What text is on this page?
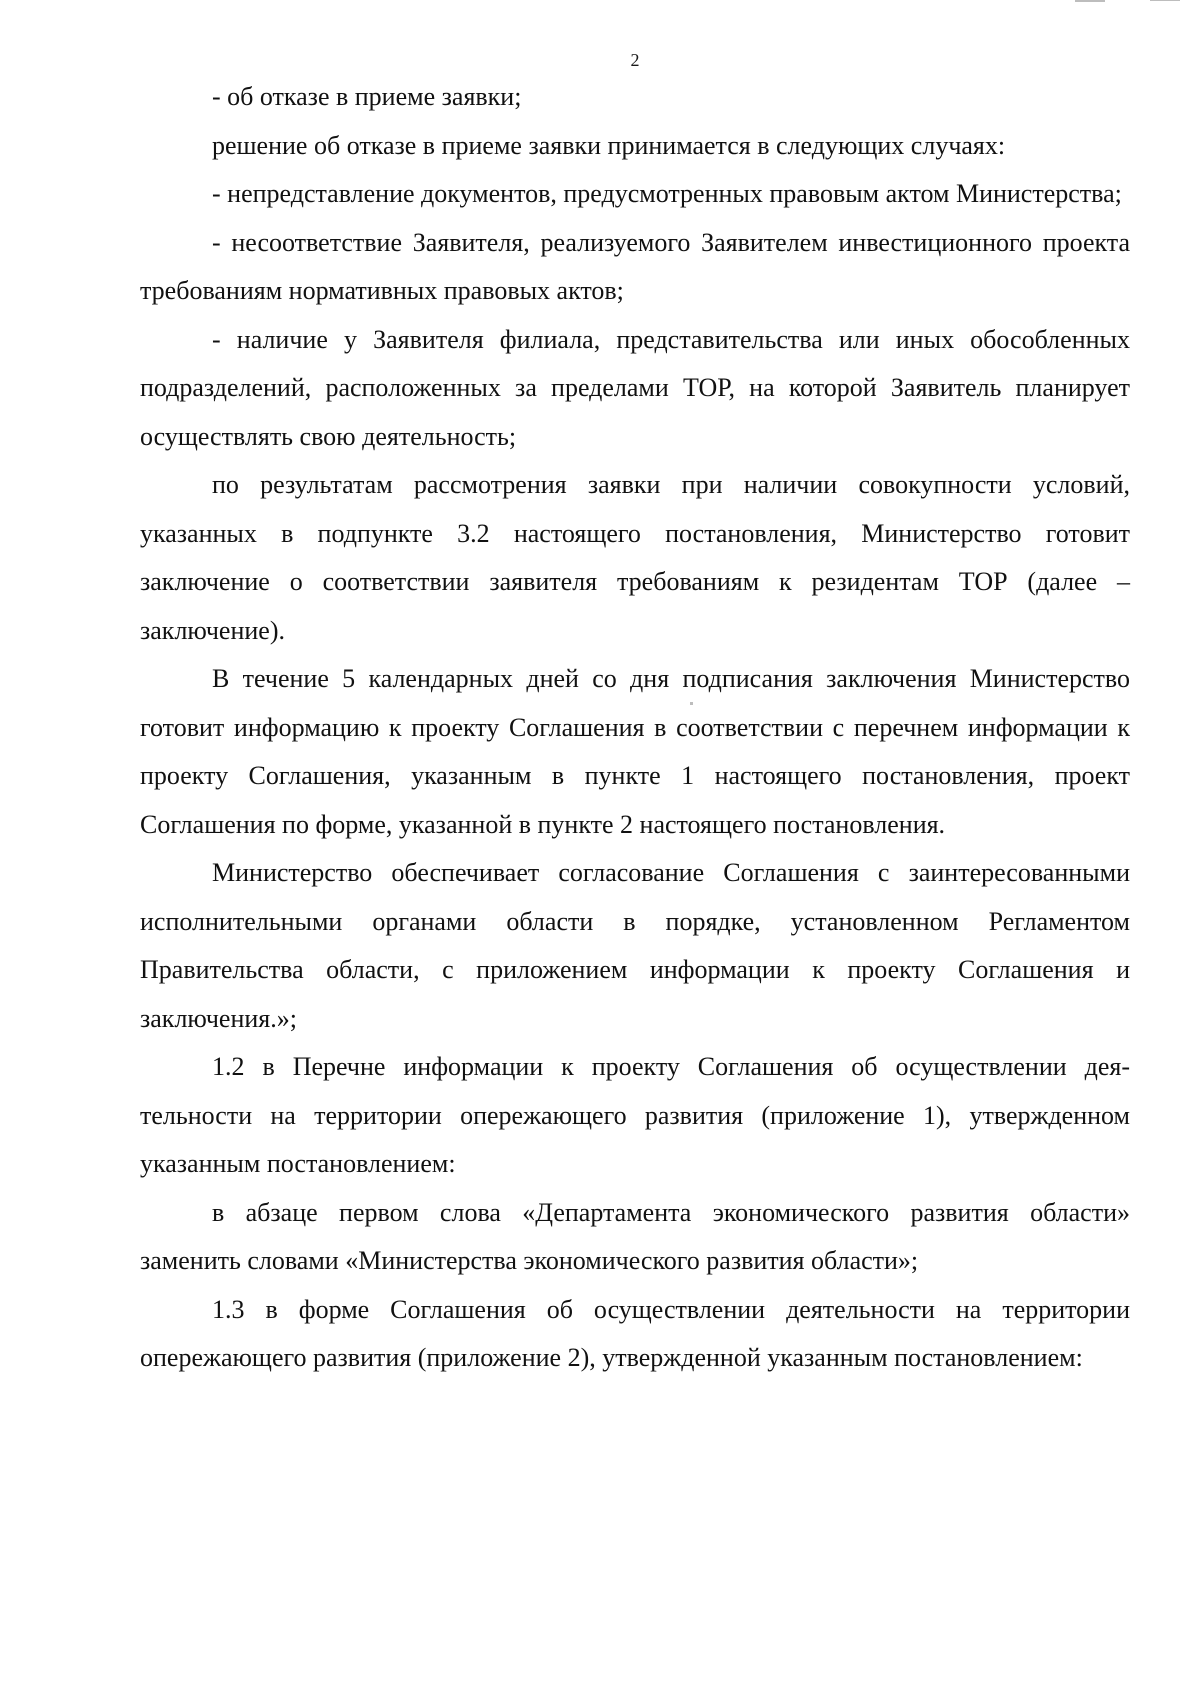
2

- об отказе в приеме заявки;

решение об отказе в приеме заявки принимается в следующих случаях:

- непредставление документов, предусмотренных правовым актом Министерства;

- несоответствие Заявителя, реализуемого Заявителем инвестиционного проекта требованиям нормативных правовых актов;

- наличие у Заявителя филиала, представительства или иных обособленных подразделений, расположенных за пределами ТОР, на которой Заявитель планирует осуществлять свою деятельность;

по результатам рассмотрения заявки при наличии совокупности условий, указанных в подпункте 3.2 настоящего постановления, Министерство готовит заключение о соответствии заявителя требованиям к резидентам ТОР (далее – заключение).

В течение 5 календарных дней со дня подписания заключения Министерство готовит информацию к проекту Соглашения в соответствии с перечнем информации к проекту Соглашения, указанным в пункте 1 настоящего постановления, проект Соглашения по форме, указанной в пункте 2 настоящего постановления.

Министерство обеспечивает согласование Соглашения с заинтересованными исполнительными органами области в порядке, установленном Регламентом Правительства области, с приложением информации к проекту Соглашения и заключения.»;

1.2 в Перечне информации к проекту Соглашения об осуществлении деятельности на территории опережающего развития (приложение 1), утвержденном указанным постановлением:

в абзаце первом слова «Департамента экономического развития области» заменить словами «Министерства экономического развития области»;

1.3 в форме Соглашения об осуществлении деятельности на территории опережающего развития (приложение 2), утвержденной указанным постановлением:
